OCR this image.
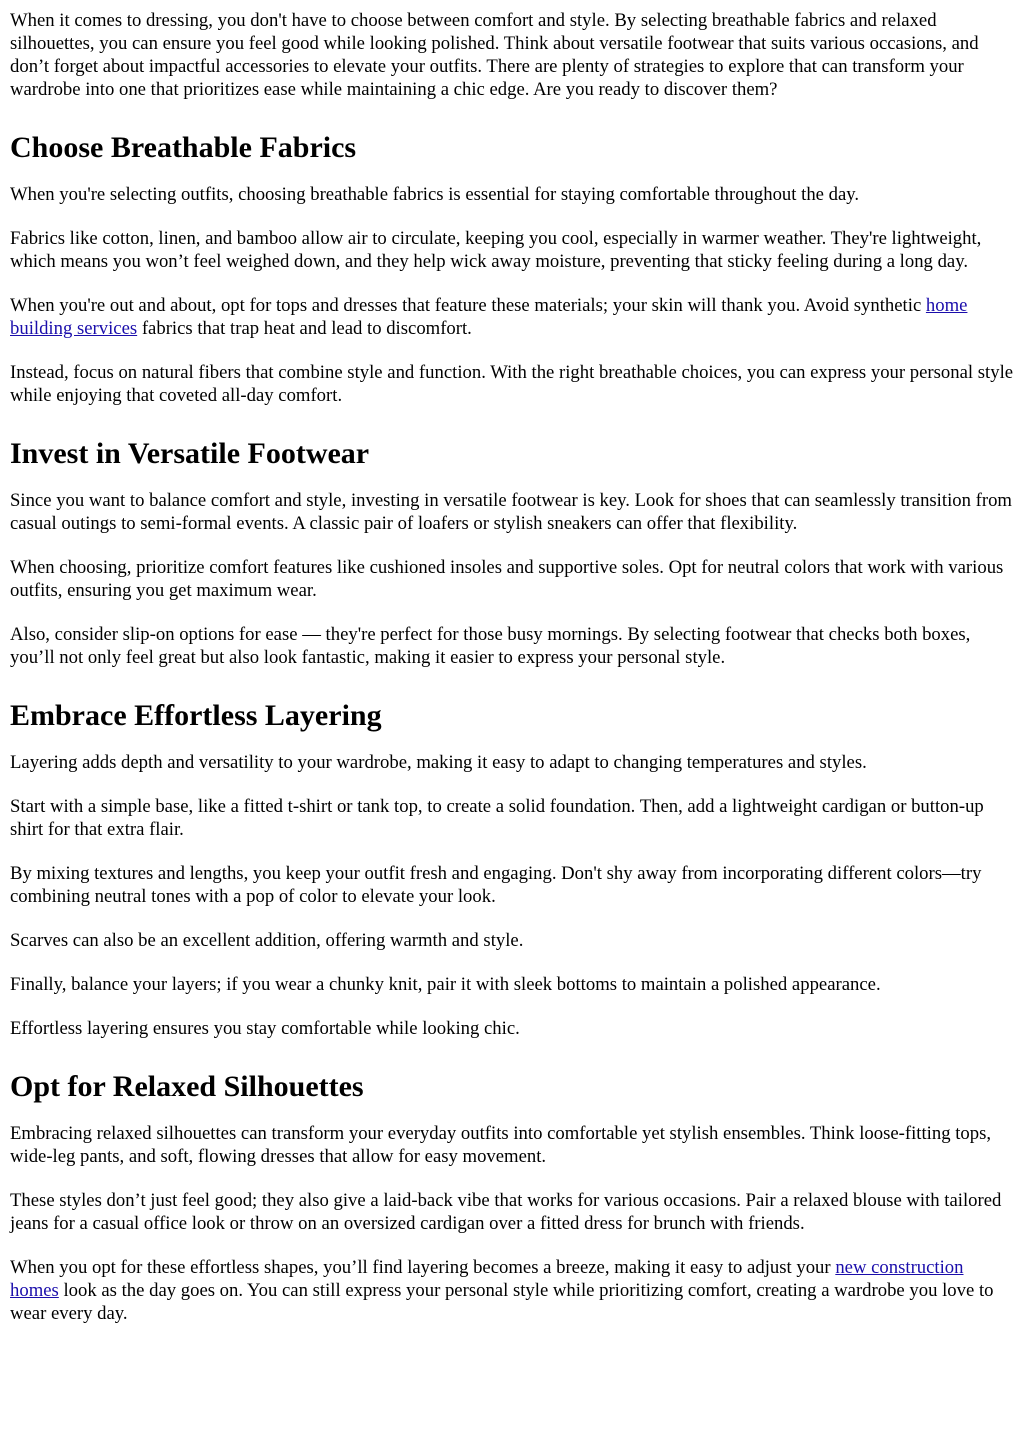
When it comes to dressing, you don't have to choose between comfort and style. By selecting breathable fabrics and relaxed silhouettes, you can ensure you feel good while looking polished. Think about versatile footwear that suits various occasions, and don’t forget about impactful accessories to elevate your outfits. There are plenty of strategies to explore that can transform your wardrobe into one that prioritizes ease while maintaining a chic edge. Are you ready to discover them?

Choose Breathable Fabrics

When you're selecting outfits, choosing breathable fabrics is essential for staying comfortable throughout the day.

Fabrics like cotton, linen, and bamboo allow air to circulate, keeping you cool, especially in warmer weather. They're lightweight, which means you won’t feel weighed down, and they help wick away moisture, preventing that sticky feeling during a long day.

When you're out and about, opt for tops and dresses that feature these materials; your skin will thank you. Avoid synthetic home building services fabrics that trap heat and lead to discomfort.

Instead, focus on natural fibers that combine style and function. With the right breathable choices, you can express your personal style while enjoying that coveted all-day comfort.

Invest in Versatile Footwear

Since you want to balance comfort and style, investing in versatile footwear is key. Look for shoes that can seamlessly transition from casual outings to semi-formal events. A classic pair of loafers or stylish sneakers can offer that flexibility.

When choosing, prioritize comfort features like cushioned insoles and supportive soles. Opt for neutral colors that work with various outfits, ensuring you get maximum wear.

Also, consider slip-on options for ease — they're perfect for those busy mornings. By selecting footwear that checks both boxes, you’ll not only feel great but also look fantastic, making it easier to express your personal style.

Embrace Effortless Layering

Layering adds depth and versatility to your wardrobe, making it easy to adapt to changing temperatures and styles.

Start with a simple base, like a fitted t-shirt or tank top, to create a solid foundation. Then, add a lightweight cardigan or button-up shirt for that extra flair.

By mixing textures and lengths, you keep your outfit fresh and engaging. Don't shy away from incorporating different colors—try combining neutral tones with a pop of color to elevate your look.

Scarves can also be an excellent addition, offering warmth and style.

Finally, balance your layers; if you wear a chunky knit, pair it with sleek bottoms to maintain a polished appearance.

Effortless layering ensures you stay comfortable while looking chic.

Opt for Relaxed Silhouettes

Embracing relaxed silhouettes can transform your everyday outfits into comfortable yet stylish ensembles. Think loose-fitting tops, wide-leg pants, and soft, flowing dresses that allow for easy movement.

These styles don’t just feel good; they also give a laid-back vibe that works for various occasions. Pair a relaxed blouse with tailored jeans for a casual office look or throw on an oversized cardigan over a fitted dress for brunch with friends.

When you opt for these effortless shapes, you’ll find layering becomes a breeze, making it easy to adjust your new construction homes look as the day goes on. You can still express your personal style while prioritizing comfort, creating a wardrobe you love to wear every day.
